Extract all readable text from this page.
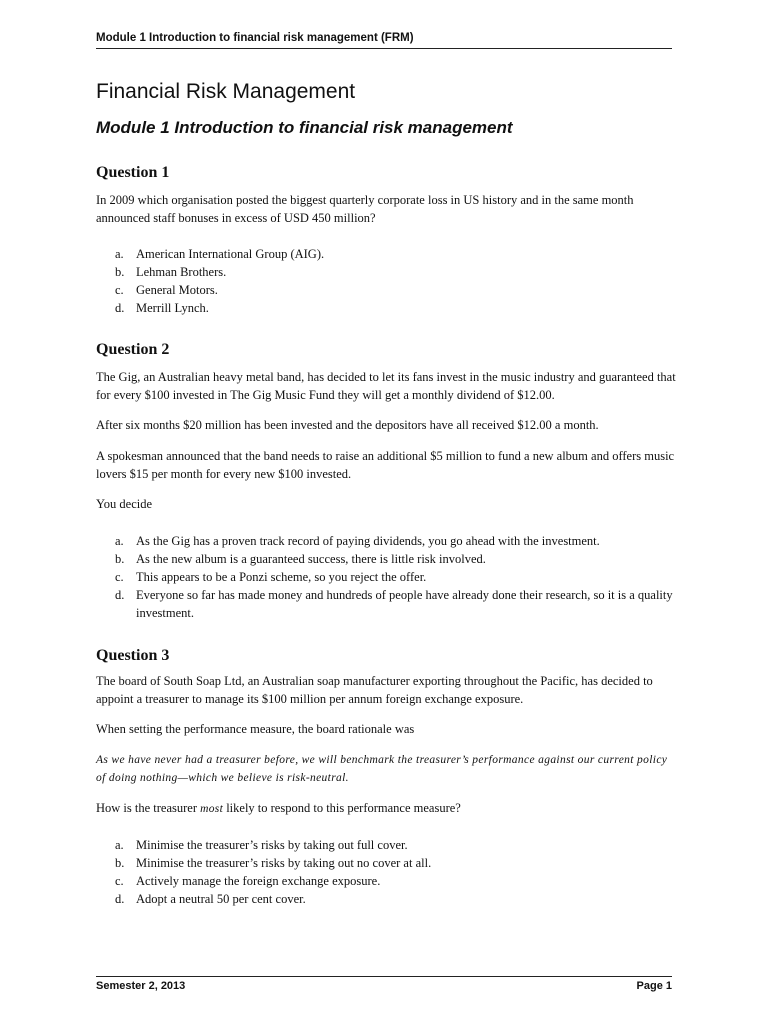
Module 1 Introduction to financial risk management (FRM)
Financial Risk Management
Module 1 Introduction to financial risk management
Question 1
In 2009 which organisation posted the biggest quarterly corporate loss in US history and in the same month announced staff bonuses in excess of USD 450 million?
a. American International Group (AIG).
b. Lehman Brothers.
c. General Motors.
d. Merrill Lynch.
Question 2
The Gig, an Australian heavy metal band, has decided to let its fans invest in the music industry and guaranteed that for every $100 invested in The Gig Music Fund they will get a monthly dividend of $12.00.
After six months $20 million has been invested and the depositors have all received $12.00 a month.
A spokesman announced that the band needs to raise an additional $5 million to fund a new album and offers music lovers $15 per month for every new $100 invested.
You decide
a. As the Gig has a proven track record of paying dividends, you go ahead with the investment.
b. As the new album is a guaranteed success, there is little risk involved.
c. This appears to be a Ponzi scheme, so you reject the offer.
d. Everyone so far has made money and hundreds of people have already done their research, so it is a quality investment.
Question 3
The board of South Soap Ltd, an Australian soap manufacturer exporting throughout the Pacific, has decided to appoint a treasurer to manage its $100 million per annum foreign exchange exposure.
When setting the performance measure, the board rationale was
As we have never had a treasurer before, we will benchmark the treasurer’s performance against our current policy of doing nothing—which we believe is risk-neutral.
How is the treasurer most likely to respond to this performance measure?
a. Minimise the treasurer’s risks by taking out full cover.
b. Minimise the treasurer’s risks by taking out no cover at all.
c. Actively manage the foreign exchange exposure.
d. Adopt a neutral 50 per cent cover.
Semester 2, 2013	Page 1
